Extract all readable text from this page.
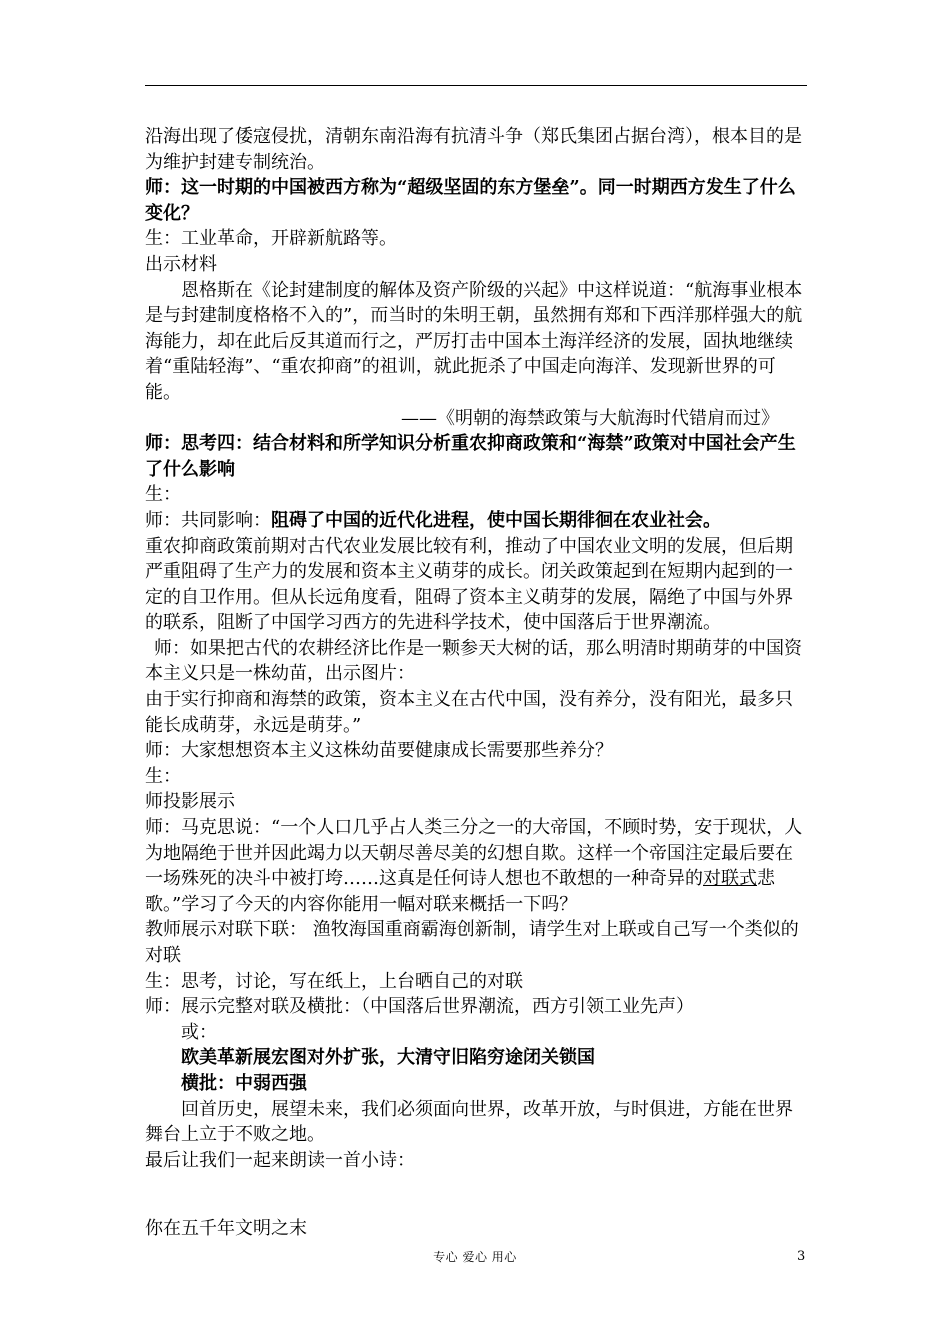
沿海出现了倭寇侵扰，清朝东南沿海有抗清斗争（郑氏集团占据台湾），根本目的是为维护封建专制统治。

师：这一时期的中国被西方称为“超级坚固的东方堡垒”。同一时期西方发生了什么变化？

生：工业革命，开辟新航路等。

出示材料

恩格斯在《论封建制度的解体及资产阶级的兴起》中这样说道：“航海事业根本是与封建制度格格不入的”，而当时的朱明王朝，虽然拥有郑和下西洋那样强大的航海能力，却在此后反其道而行之，严厉打击中国本土海洋经济的发展，固执地继续着“重陆轻海”、“重农抑商”的祖训，就此扼杀了中国走向海洋、发现新世界的可能。

——《明朝的海禁政策与大航海时代错肩而过》

师：思考四：结合材料和所学知识分析重农抑商政策和“海禁”政策对中国社会产生了什么影响

生：

师：共同影响：阻碍了中国的近代化进程，使中国长期徘徊在农业社会。

重农抑商政策前期对古代农业发展比较有利，推动了中国农业文明的发展，但后期严重阻碍了生产力的发展和资本主义萌芽的成长。闭关政策起到在短期内起到的一定的自卫作用。但从长远角度看，阻碍了资本主义萌芽的发展，隔绝了中国与外界的联系，阻断了中国学习西方的先进科学技术，使中国落后于世界潮流。

师：如果把古代的农耕经济比作是一颗参天大树的话，那么明清时期萌芽的中国资本主义只是一株幼苗，出示图片：

由于实行抑商和海禁的政策，资本主义在古代中国，没有养分，没有阳光，最多只能长成萌芽，永远是萌芽。”

师：大家想想资本主义这株幼苗要健康成长需要那些养分？

生：

师投影展示

师：马克思说：“一个人口几乎占人类三分之一的大帝国，不顾时势，安于现状，人为地隔绝于世并因此竭力以天朝尽善尽美的幻想自欺。这样一个帝国注定最后要在一场殊死的决斗中被打垮……这真是任何诗人想也不敢想的一种奇异的对联式悲歌。”学习了今天的内容你能用一幅对联来概括一下吗？

教师展示对联下联： 渔牧海国重商霸海创新制，请学生对上联或自己写一个类似的对联

生：思考，讨论，写在纸上，上台晒自己的对联

师：展示完整对联及横批：（中国落后世界潮流，西方引领工业先声）

或：

欧美革新展宏图对外扩张，大清守旧陷穷途闭关锁国

横批：中弱西强

回首历史，展望未来，我们必须面向世界，改革开放，与时俱进，方能在世界舞台上立于不败之地。

最后让我们一起来朗读一首小诗：

你在五千年文明之末

专心 爱心 用心	3
